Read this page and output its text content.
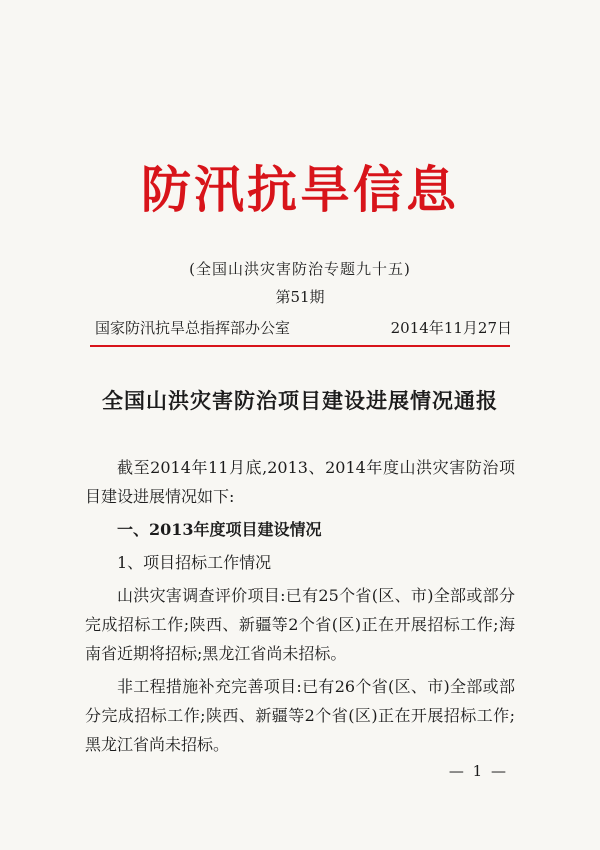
防汛抗旱信息
(全国山洪灾害防治专题九十五)
第51期
国家防汛抗旱总指挥部办公室	2014年11月27日
全国山洪灾害防治项目建设进展情况通报

截至2014年11月底,2013、2014年度山洪灾害防治项目建设进展情况如下:

一、2013年度项目建设情况

1、项目招标工作情况

山洪灾害调查评价项目:已有25个省(区、市)全部或部分完成招标工作;陕西、新疆等2个省(区)正在开展招标工作;海南省近期将招标;黑龙江省尚未招标。

非工程措施补充完善项目:已有26个省(区、市)全部或部分完成招标工作;陕西、新疆等2个省(区)正在开展招标工作;黑龙江省尚未招标。

— 1 —
